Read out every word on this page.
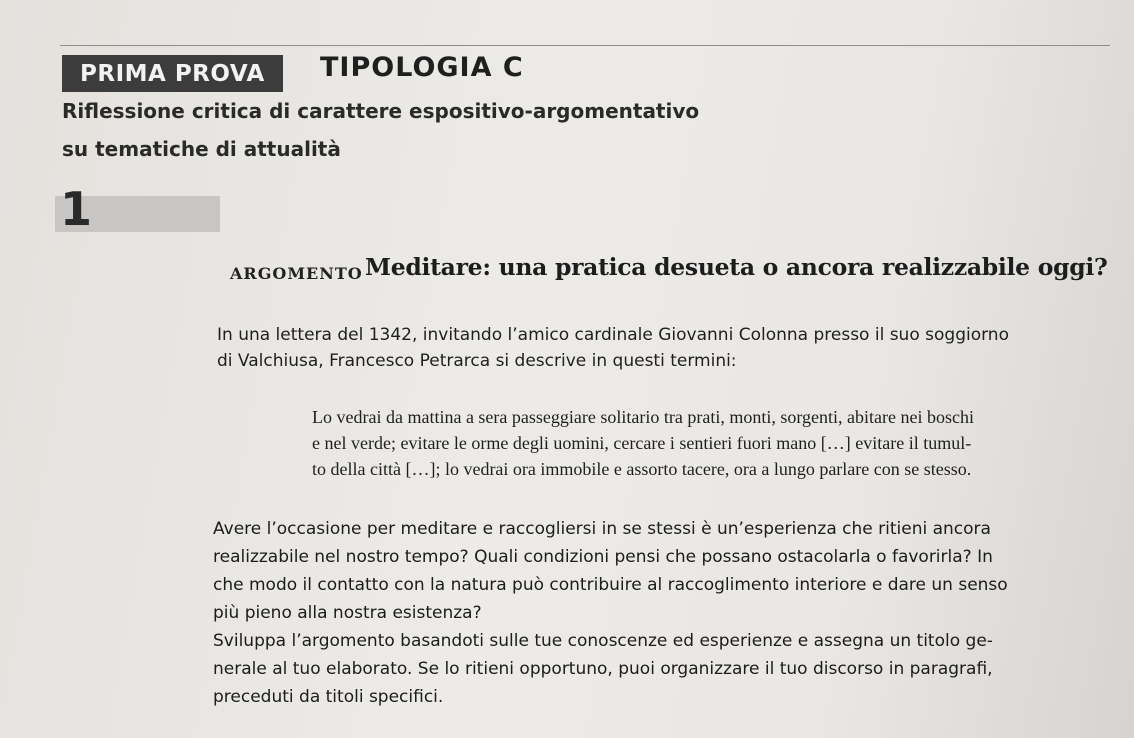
PRIMA PROVA	TIPOLOGIA C
Riflessione critica di carattere espositivo-argomentativo
su tematiche di attualità
1
ARGOMENTO Meditare: una pratica desueta o ancora realizzabile oggi?

In una lettera del 1342, invitando l’amico cardinale Giovanni Colonna presso il suo soggiorno

di Valchiusa, Francesco Petrarca si descrive in questi termini:

Lo vedrai da mattina a sera passeggiare solitario tra prati, monti, sorgenti, abitare nei boschi

e nel verde; evitare le orme degli uomini, cercare i sentieri fuori mano […] evitare il tumul-

to della città […]; lo vedrai ora immobile e assorto tacere, ora a lungo parlare con se stesso.

Avere l’occasione per meditare e raccogliersi in se stessi è un’esperienza che ritieni ancora

realizzabile nel nostro tempo? Quali condizioni pensi che possano ostacolarla o favorirla? In

che modo il contatto con la natura può contribuire al raccoglimento interiore e dare un senso

più pieno alla nostra esistenza?

Sviluppa l’argomento basandoti sulle tue conoscenze ed esperienze e assegna un titolo ge-

nerale al tuo elaborato. Se lo ritieni opportuno, puoi organizzare il tuo discorso in paragrafi,

preceduti da titoli specifici.
